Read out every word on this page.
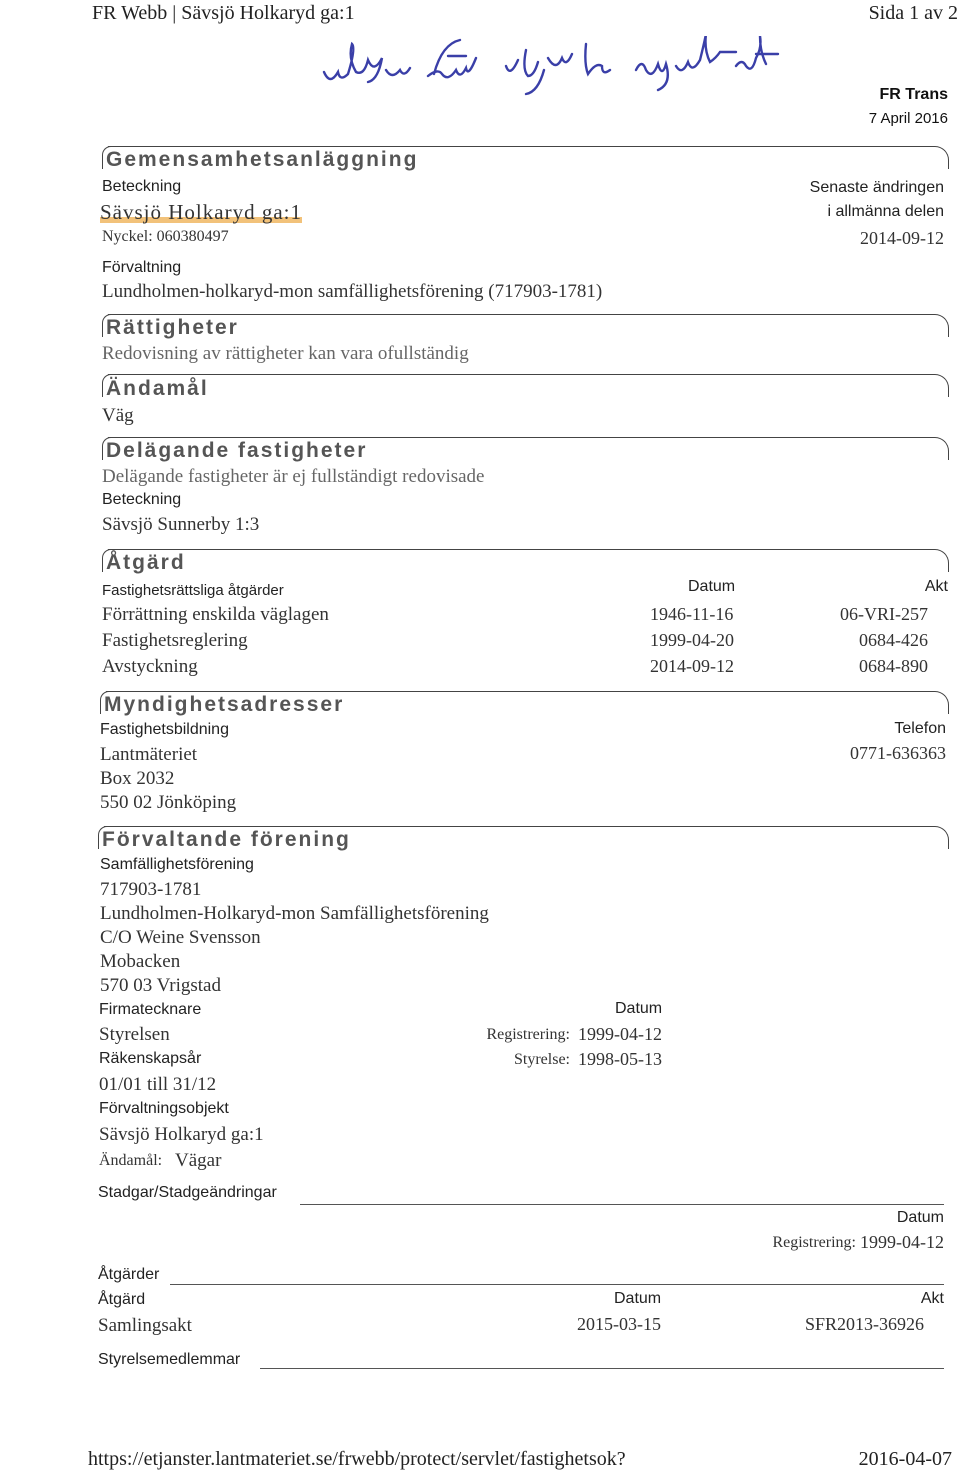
FR Webb | Sävsjö Holkaryd ga:1	Sida 1 av 2
FR Trans
7 April 2016
Gemensamhetsanläggning
Beteckning
Sävsjö Holkaryd ga:1
Nyckel: 060380497
Senaste ändringen
i allmänna delen
2014-09-12
Förvaltning
Lundholmen-holkaryd-mon samfällighetsförening (717903-1781)
Rättigheter
Redovisning av rättigheter kan vara ofullständig
Ändamål
Väg
Delägande fastigheter
Delägande fastigheter är ej fullständigt redovisade
Beteckning
Sävsjö Sunnerby 1:3
Åtgärd
Fastighetsrättsliga åtgärder	Datum	Akt
Förrättning enskilda väglagen	1946-11-16	06-VRI-257
Fastighetsreglering	1999-04-20	0684-426
Avstyckning	2014-09-12	0684-890
Myndighetsadresser
Fastighetsbildning	Telefon
Lantmäteriet	0771-636363
Box 2032
550 02 Jönköping
Förvaltande förening
Samfällighetsförening
717903-1781
Lundholmen-Holkaryd-mon Samfällighetsförening
C/O Weine Svensson
Mobacken
570 03 Vrigstad
Firmatecknare	Datum
Styrelsen	Registrering: 1999-04-12
Räkenskapsår	Styrelse: 1998-05-13
01/01 till 31/12
Förvaltningsobjekt
Sävsjö Holkaryd ga:1
Ändamål: Vägar
Stadgar/Stadgeändringar
Datum
Registrering: 1999-04-12
Åtgärder
Åtgärd	Datum	Akt
Samlingsakt	2015-03-15	SFR2013-36926
Styrelsemedlemmar
https://etjanster.lantmateriet.se/frwebb/protect/servlet/fastighetsok?	2016-04-07
